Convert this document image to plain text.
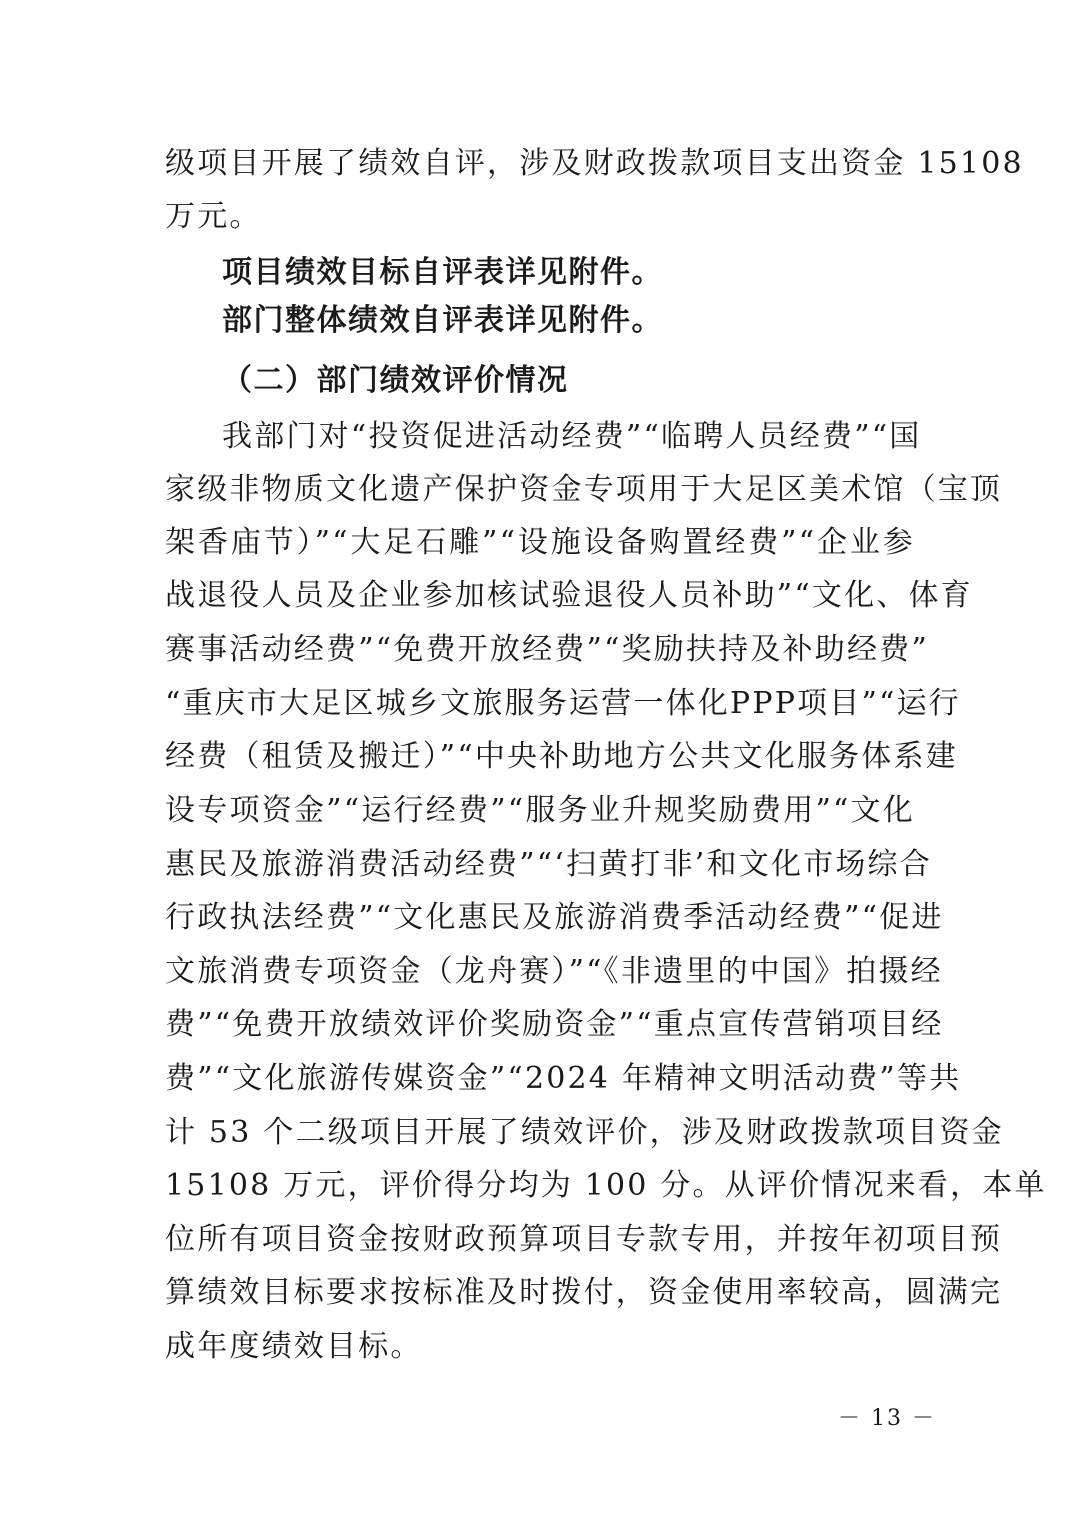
级项目开展了绩效自评，涉及财政拨款项目支出资金 15108
万元。
项目绩效目标自评表详见附件。
部门整体绩效自评表详见附件。
（二）部门绩效评价情况
我部门对“投资促进活动经费”“临聘人员经费”“国
家级非物质文化遗产保护资金专项用于大足区美术馆（宝顶
架香庙节）”“大足石雕”“设施设备购置经费”“企业参
战退役人员及企业参加核试验退役人员补助”“文化、体育
赛事活动经费”“免费开放经费”“奖励扶持及补助经费”
“重庆市大足区城乡文旅服务运营一体化PPP项目”“运行
经费（租赁及搬迁）”“中央补助地方公共文化服务体系建
设专项资金”“运行经费”“服务业升规奖励费用”“文化
惠民及旅游消费活动经费”“‘扫黄打非’和文化市场综合
行政执法经费”“文化惠民及旅游消费季活动经费”“促进
文旅消费专项资金（龙舟赛）”“《非遗里的中国》拍摄经
费”“免费开放绩效评价奖励资金”“重点宣传营销项目经
费”“文化旅游传媒资金”“2024 年精神文明活动费”等共
计 53 个二级项目开展了绩效评价，涉及财政拨款项目资金
15108 万元，评价得分均为 100 分。从评价情况来看，本单
位所有项目资金按财政预算项目专款专用，并按年初项目预
算绩效目标要求按标准及时拨付，资金使用率较高，圆满完
成年度绩效目标。
－ 13 －
